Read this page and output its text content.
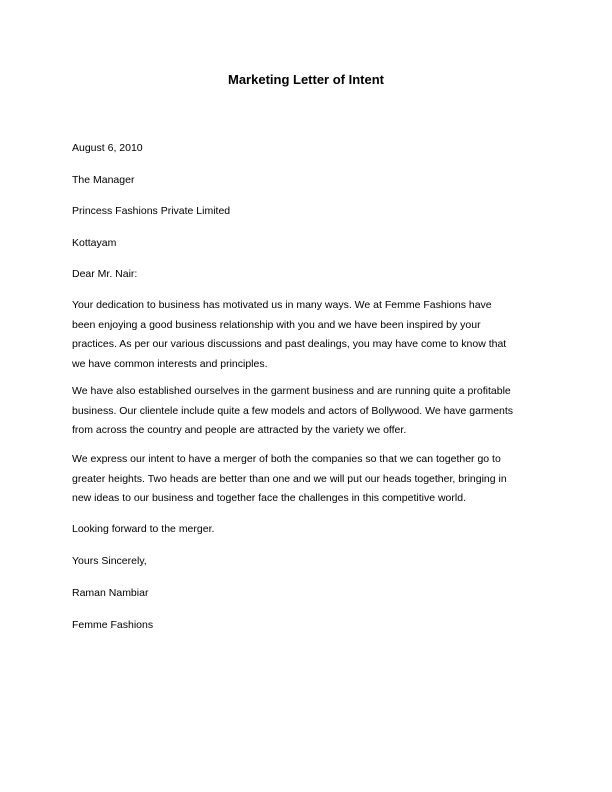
Marketing Letter of Intent
August 6, 2010
The Manager
Princess Fashions Private Limited
Kottayam
Dear Mr. Nair:
Your dedication to business has motivated us in many ways. We at Femme Fashions have
been enjoying a good business relationship with you and we have been inspired by your
practices. As per our various discussions and past dealings, you may have come to know that
we have common interests and principles.
We have also established ourselves in the garment business and are running quite a profitable
business. Our clientele include quite a few models and actors of Bollywood. We have garments
from across the country and people are attracted by the variety we offer.
We express our intent to have a merger of both the companies so that we can together go to
greater heights. Two heads are better than one and we will put our heads together, bringing in
new ideas to our business and together face the challenges in this competitive world.
Looking forward to the merger.
Yours Sincerely,
Raman Nambiar
Femme Fashions
